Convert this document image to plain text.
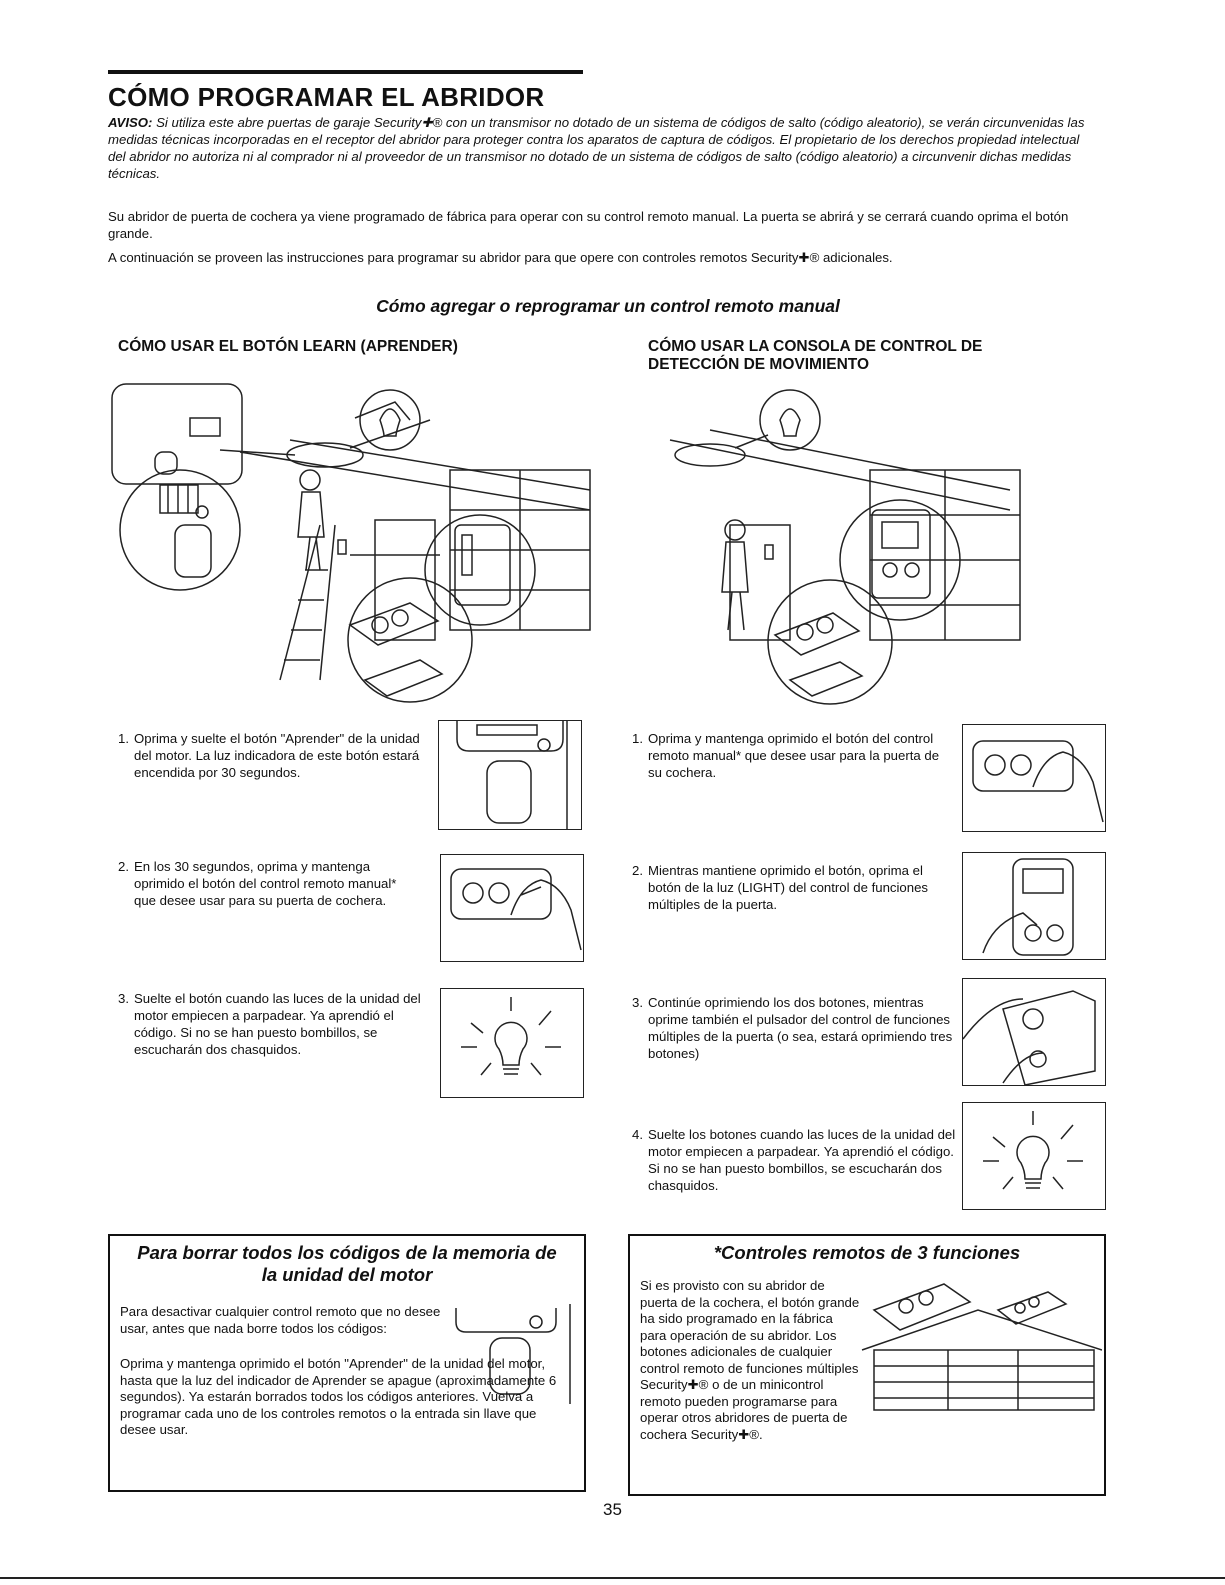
CÓMO PROGRAMAR EL ABRIDOR

AVISO: Si utiliza este abre puertas de garaje Security✚® con un transmisor no dotado de un sistema de códigos de salto (código aleatorio), se verán circunvenidas las medidas técnicas incorporadas en el receptor del abridor para proteger contra los aparatos de captura de códigos. El propietario de los derechos propiedad intelectual del abridor no autoriza ni al comprador ni al proveedor de un transmisor no dotado de un sistema de códigos de salto (código aleatorio) a circunvenir dichas medidas técnicas.

Su abridor de puerta de cochera ya viene programado de fábrica para operar con su control remoto manual. La puerta se abrirá y se cerrará cuando oprima el botón grande.

A continuación se proveen las instrucciones para programar su abridor para que opere con controles remotos Security✚® adicionales.

Cómo agregar o reprogramar un control remoto manual
CÓMO USAR EL BOTÓN LEARN (APRENDER)	CÓMO USAR LA CONSOLA DE CONTROL DE DETECCIÓN DE MOVIMIENTO
1. Oprima y suelte el botón "Aprender" de la unidad del motor. La luz indicadora de este botón estará encendida por 30 segundos.
2. En los 30 segundos, oprima y mantenga oprimido el botón del control remoto manual* que desee usar para su puerta de cochera.
3. Suelte el botón cuando las luces de la unidad del motor empiecen a parpadear. Ya aprendió el código. Si no se han puesto bombillos, se escucharán dos chasquidos.
1. Oprima y mantenga oprimido el botón del control remoto manual* que desee usar para la puerta de su cochera.
2. Mientras mantiene oprimido el botón, oprima el botón de la luz (LIGHT) del control de funciones múltiples de la puerta.
3. Continúe oprimiendo los dos botones, mientras oprime también el pulsador del control de funciones múltiples de la puerta (o sea, estará oprimiendo tres botones)
4. Suelte los botones cuando las luces de la unidad del motor empiecen a parpadear. Ya aprendió el código. Si no se han puesto bombillos, se escucharán dos chasquidos.

Para borrar todos los códigos de la memoria de la unidad del motor

Para desactivar cualquier control remoto que no desee usar, antes que nada borre todos los códigos:

Oprima y mantenga oprimido el botón "Aprender" de la unidad del motor, hasta que la luz del indicador de Aprender se apague (aproximadamente 6 segundos). Ya estarán borrados todos los códigos anteriores. Vuelva a programar cada uno de los controles remotos o la entrada sin llave que desee usar.

*Controles remotos de 3 funciones

Si es provisto con su abridor de puerta de la cochera, el botón grande ha sido programado en la fábrica para operación de su abridor. Los botones adicionales de cualquier control remoto de funciones múltiples Security✚® o de un minicontrol remoto pueden programarse para operar otros abridores de puerta de cochera Security✚®.

35
